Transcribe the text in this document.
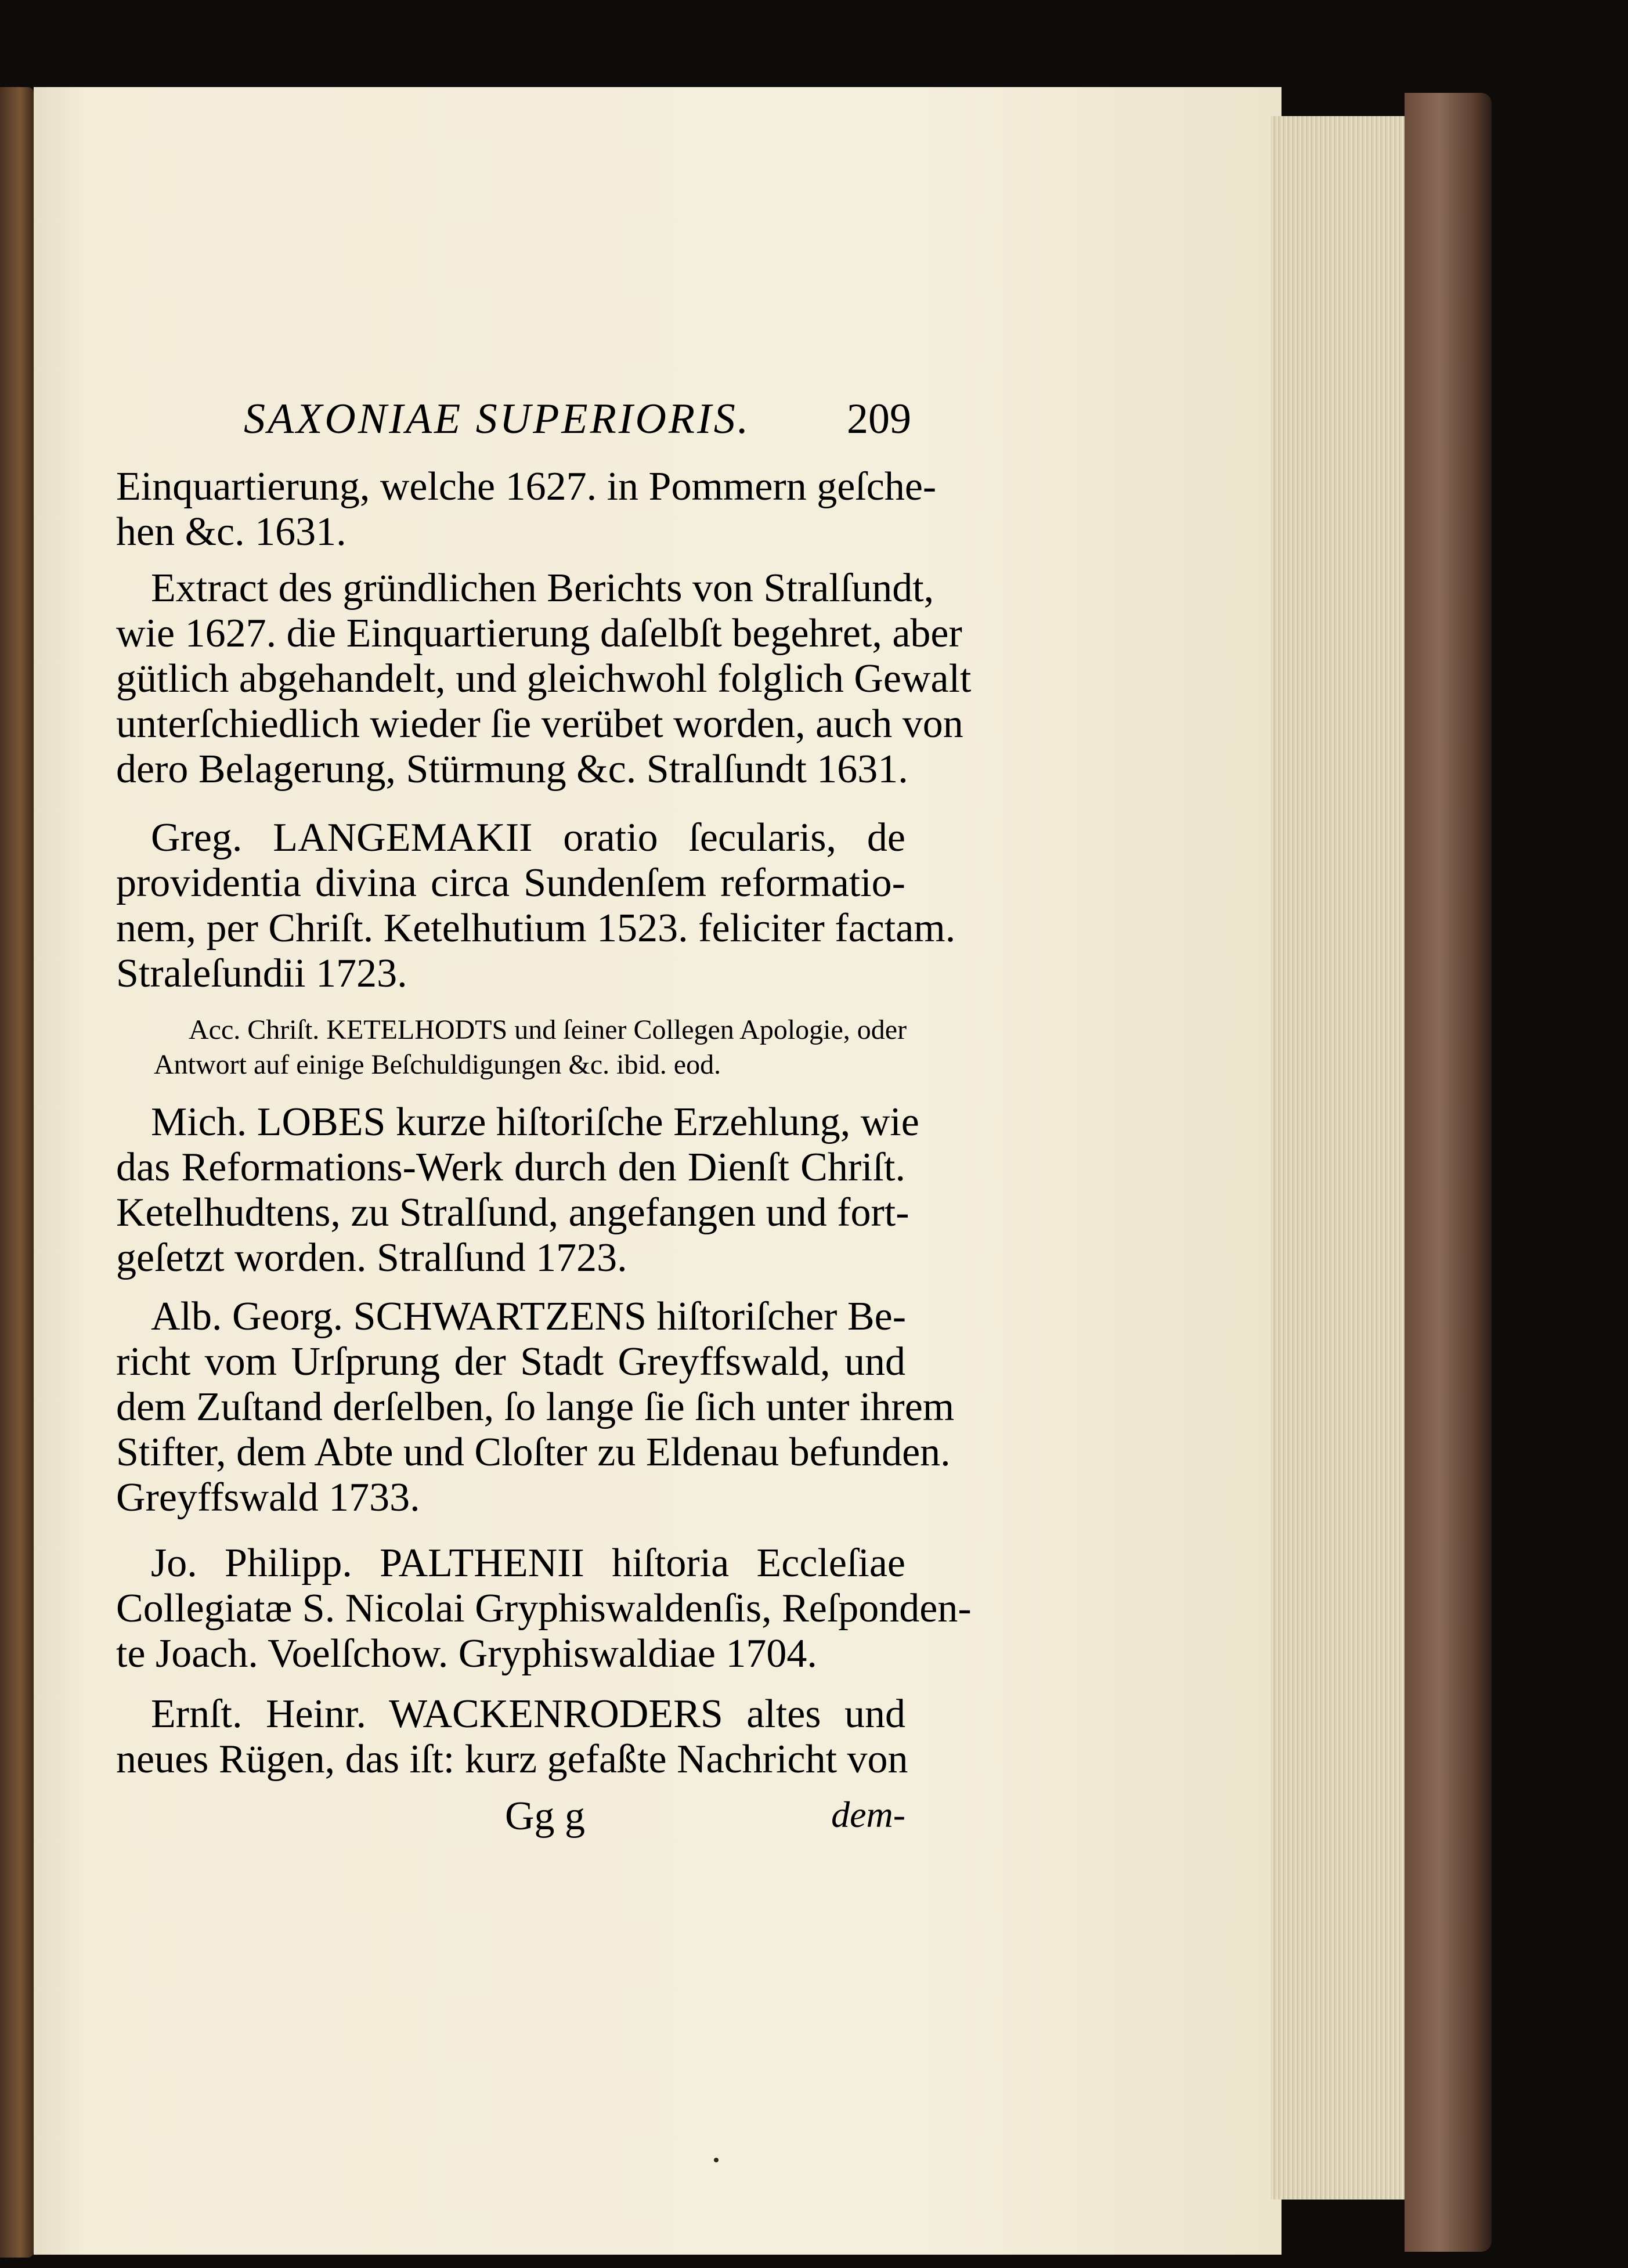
SAXONIAE SUPERIORIS. 209
Einquartierung, welche 1627. in Pommern geſche-
hen &c. 1631.
Extract des gründlichen Berichts von Stralſundt,
wie 1627. die Einquartierung daſelbſt begehret, aber
gütlich abgehandelt, und gleichwohl folglich Gewalt
unterſchiedlich wieder ſie verübet worden, auch von
dero Belagerung, Stürmung &c. Stralſundt 1631.
Greg. LANGEMAKII oratio ſecularis, de
providentia divina circa Sundenſem reformatio-
nem, per Chriſt. Ketelhutium 1523. feliciter factam.
Straleſundii 1723.
Acc. Chriſt. KETELHODTS und ſeiner Collegen Apologie, oder
Antwort auf einige Beſchuldigungen &c. ibid. eod.
Mich. LOBES kurze hiſtoriſche Erzehlung, wie
das Reformations-Werk durch den Dienſt Chriſt.
Ketelhudtens, zu Stralſund, angefangen und fort-
geſetzt worden. Stralſund 1723.
Alb. Georg. SCHWARTZENS hiſtoriſcher Be-
richt vom Urſprung der Stadt Greyffswald, und
dem Zuſtand derſelben, ſo lange ſie ſich unter ihrem
Stifter, dem Abte und Cloſter zu Eldenau befunden.
Greyffswald 1733.
Jo. Philipp. PALTHENII hiſtoria Eccleſiae
Collegiatæ S. Nicolai Gryphiswaldenſis, Reſponden-
te Joach. Voelſchow. Gryphiswaldiae 1704.
Ernſt. Heinr. WACKENRODERS altes und
neues Rügen, das iſt: kurz gefaßte Nachricht von
Gg g	dem-
